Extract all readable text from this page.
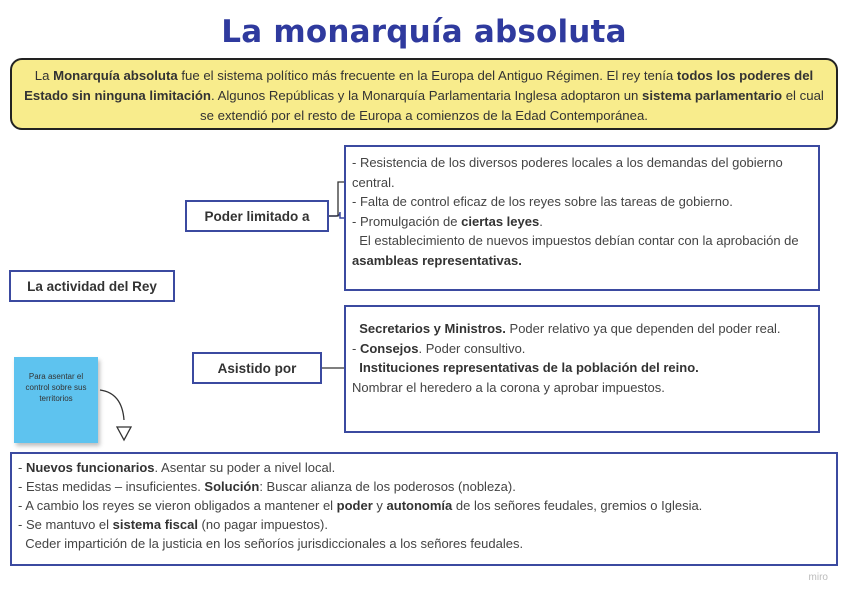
La monarquía absoluta
La Monarquía absoluta fue el sistema político más frecuente en la Europa del Antiguo Régimen. El rey tenía todos los poderes del Estado sin ninguna limitación. Algunos Repúblicas y la Monarquía Parlamentaria Inglesa adoptaron un sistema parlamentario el cual se extendió por el resto de Europa a comienzos de la Edad Contemporánea.
La actividad del Rey
Poder limitado a
Asistido por
Para asentar el control sobre sus territorios
- Resistencia de los diversos poderes locales a los demandas del gobierno central.
- Falta de control eficaz de los reyes sobre las tareas de gobierno.
- Promulgación de ciertas leyes.
El establecimiento de nuevos impuestos debían contar con la aprobación de asambleas representativas.
Secretarios y Ministros. Poder relativo ya que dependen del poder real.
- Consejos. Poder consultivo.
Instituciones representativas de la población del reino.
Nombrar el heredero a la corona y aprobar impuestos.
- Nuevos funcionarios. Asentar su poder a nivel local.
- Estas medidas – insuficientes. Solución: Buscar alianza de los poderosos (nobleza).
- A cambio los reyes se vieron obligados a mantener el poder y autonomía de los señores feudales, gremios o Iglesia.
- Se mantuvo el sistema fiscal (no pagar impuestos).
Ceder impartición de la justicia en los señoríos jurisdiccionales a los señores feudales.
miro
